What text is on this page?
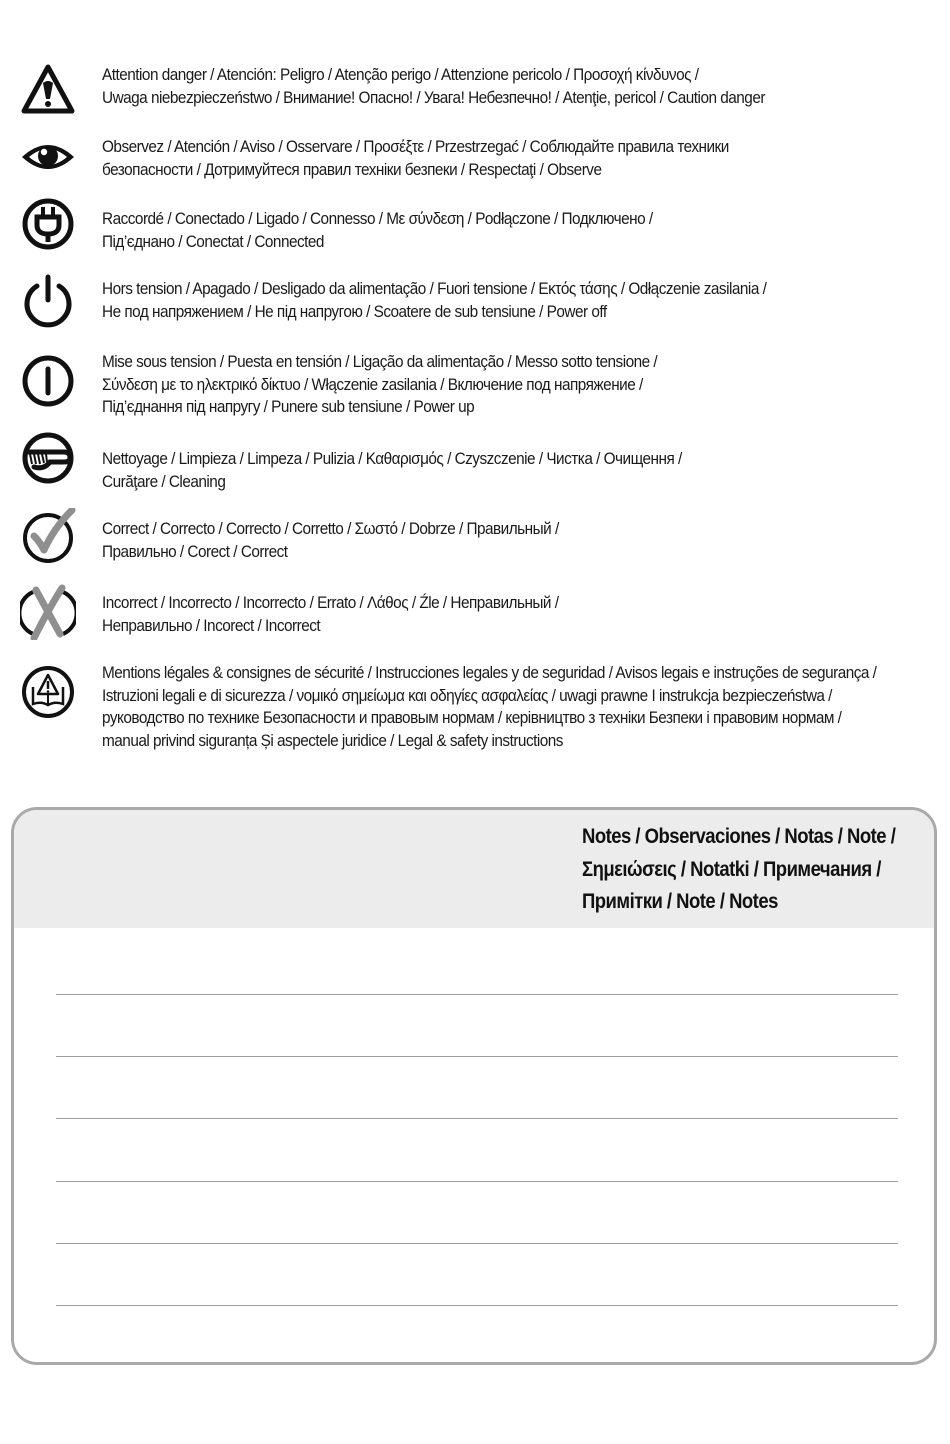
Attention danger / Atención: Peligro / Atenção perigo / Attenzione pericolo / Προσοχή κίνδυνος /
Uwaga niebezpieczeństwo / Внимание! Опасно! / Увага! Небезпечно! / Atenţie, pericol / Caution danger
Observez / Atención / Aviso / Osservare / Προσέξτε / Przestrzegać / Соблюдайте правила техники
безопасности / Дотримуйтеся правил техніки безпеки / Respectaţi / Observe
Raccordé / Conectado / Ligado / Connesso / Με σύνδεση / Podłączone / Подключено /
Під’єднано / Conectat / Connected
Hors tension / Apagado / Desligado da alimentação / Fuori tensione / Εκτός τάσης / Odłączenie zasilania /
Не под напряжением / Не під напругою / Scoatere de sub tensiune / Power off
Mise sous tension / Puesta en tensión / Ligação da alimentação / Messo sotto tensione /
Σύνδεση με το ηλεκτρικό δίκτυο / Włączenie zasilania / Включение под напряжение /
Під’єднання під напругу / Punere sub tensiune / Power up
Nettoyage / Limpieza / Limpeza / Pulizia / Καθαρισμός / Czyszczenie / Чистка / Очищення /
Curăţare / Cleaning
Correct / Correcto / Correcto / Corretto / Σωστό / Dobrze / Правильный /
Правильно / Corect / Correct
Incorrect / Incorrecto / Incorrecto / Errato / Λάθος / Źle / Неправильный /
Неправильно / Incorect / Incorrect
Mentions légales & consignes de sécurité / Instrucciones legales y de seguridad / Avisos legais e instruções de segurança /
Istruzioni legali e di sicurezza / νομικό σημείωμα και οδηγίες ασφαλείας / uwagi prawne I instrukcja bezpieczeństwa /
руководство по технике Безопасности и правовым нормам / керівництво з техніки Безпеки і правовим нормам /
manual privind siguranța Și aspectele juridice / Legal & safety instructions
Notes / Observaciones / Notas / Note /
Σημειώσεις / Notatki / Примечания /
Примітки / Note / Notes
